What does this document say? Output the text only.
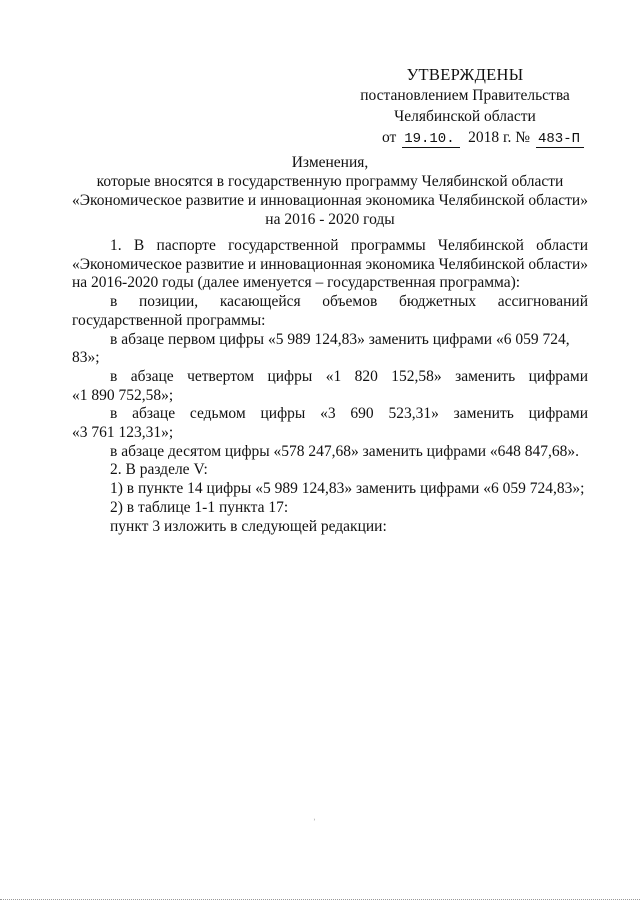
УТВЕРЖДЕНЫ
постановлением Правительства
Челябинской области
от 19.10. 2018 г. № 483-П
Изменения,
которые вносятся в государственную программу Челябинской области
«Экономическое развитие и инновационная экономика Челябинской области»
на 2016 - 2020 годы

1. В паспорте государственной программы Челябинской области «Экономическое развитие и инновационная экономика Челябинской области» на 2016-2020 годы (далее именуется – государственная программа):

в позиции, касающейся объемов бюджетных ассигнований

государственной программы:

в абзаце первом цифры «5 989 124,83» заменить цифрами «6 059 724, 83»;

в абзаце четвертом цифры «1 820 152,58» заменить цифрами

«1 890 752,58»;

в абзаце седьмом цифры «3 690 523,31» заменить цифрами

«3 761 123,31»;

в абзаце десятом цифры «578 247,68» заменить цифрами «648 847,68».

2. В разделе V:

1) в пункте 14 цифры «5 989 124,83» заменить цифрами «6 059 724,83»;

2) в таблице 1-1 пункта 17:

пункт 3 изложить в следующей редакции:

ʾ
